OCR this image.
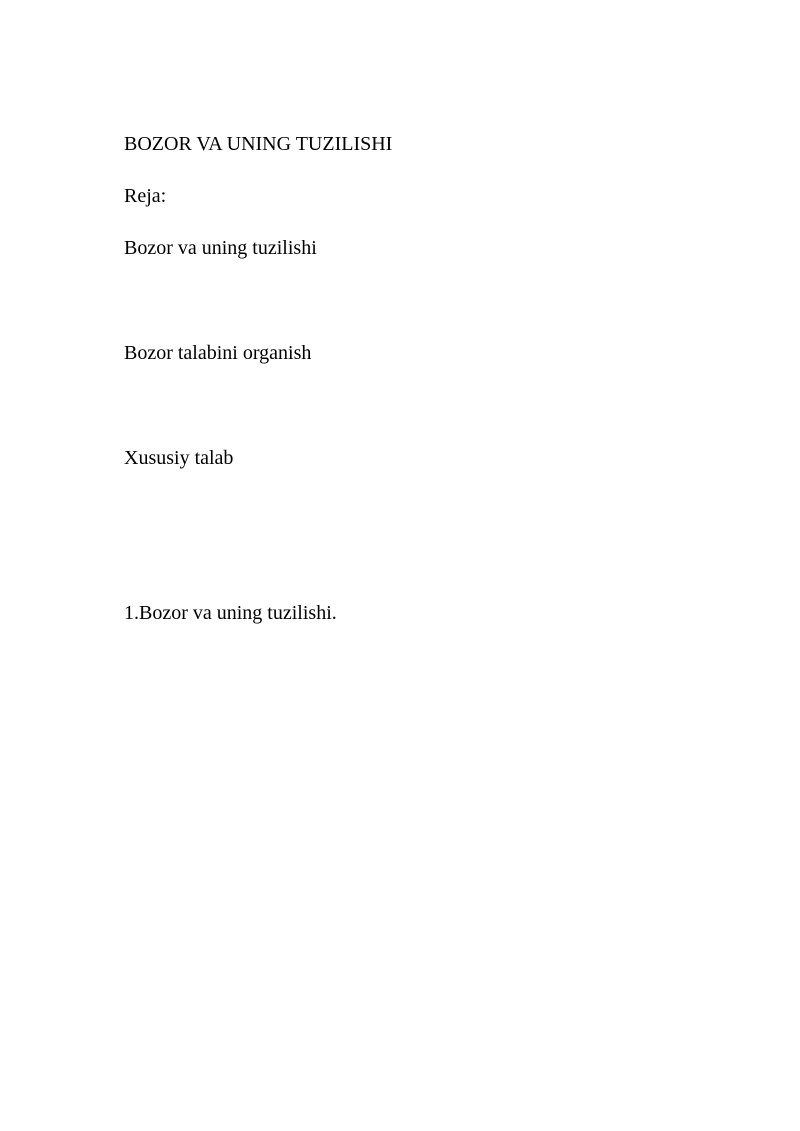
BOZOR VA UNING TUZILISHI

Reja:

Bozor va uning tuzilishi

Bozor talabini organish

Xususiy talab

1.Bozor va uning tuzilishi.
